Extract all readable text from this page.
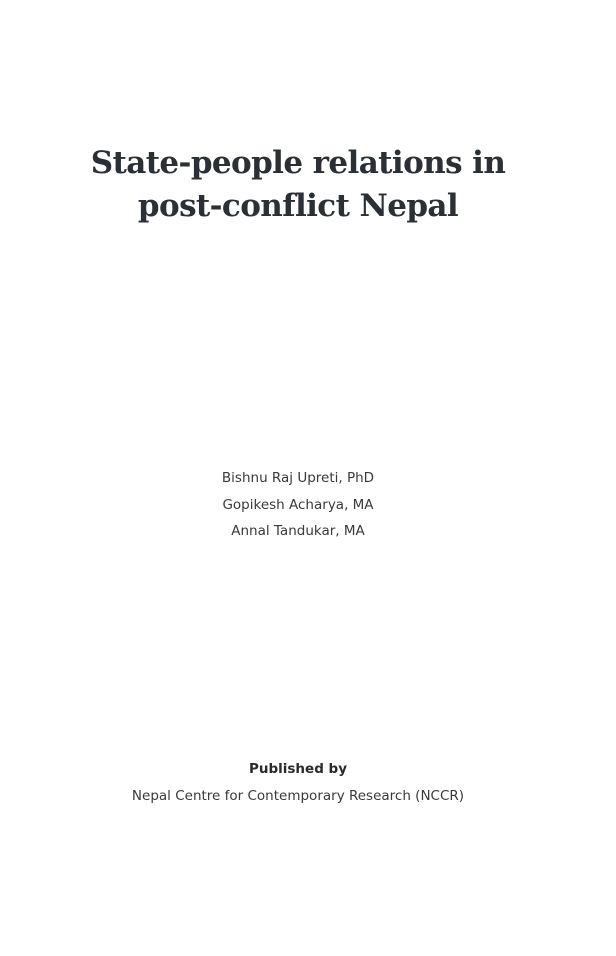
State-people relations in
post-conflict Nepal
Bishnu Raj Upreti, PhD
Gopikesh Acharya, MA
Annal Tandukar, MA
Published by
Nepal Centre for Contemporary Research (NCCR)
